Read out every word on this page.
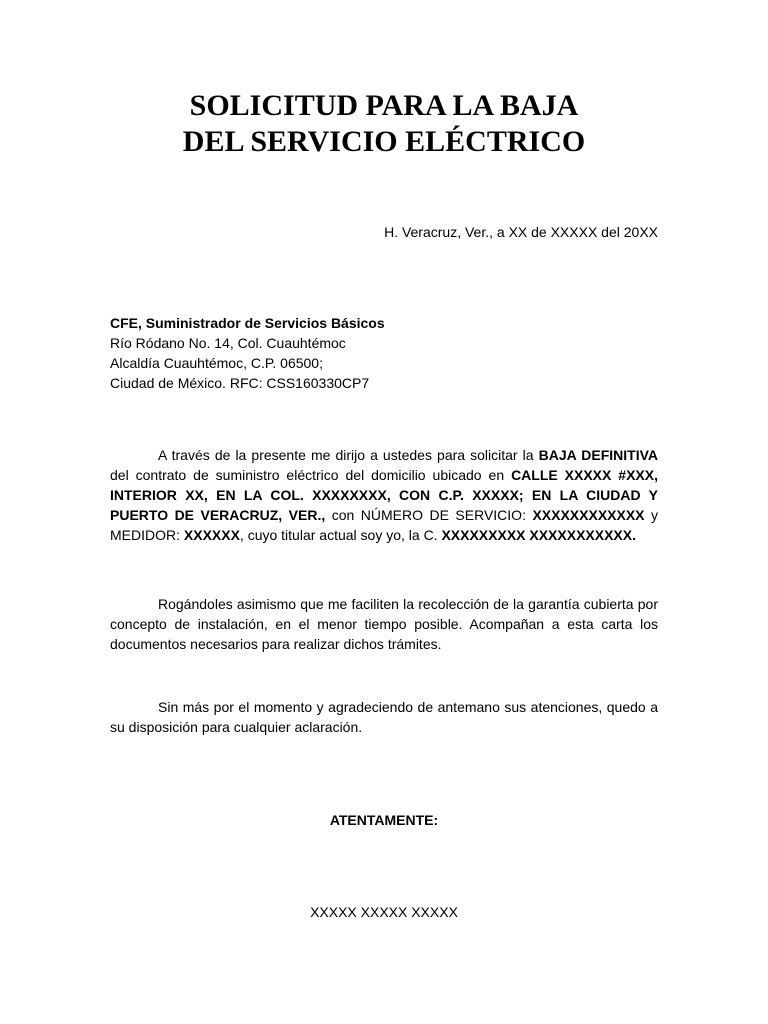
SOLICITUD PARA LA BAJA
DEL SERVICIO ELÉCTRICO
H. Veracruz, Ver., a XX de XXXXX del 20XX
CFE, Suministrador de Servicios Básicos
Río Ródano No. 14, Col. Cuauhtémoc
Alcaldía Cuauhtémoc, C.P. 06500;
Ciudad de México. RFC: CSS160330CP7
A través de la presente me dirijo a ustedes para solicitar la BAJA DEFINITIVA del contrato de suministro eléctrico del domicilio ubicado en CALLE XXXXX #XXX, INTERIOR XX, EN LA COL. XXXXXXXX, CON C.P. XXXXX; EN LA CIUDAD Y PUERTO DE VERACRUZ, VER., con NÚMERO DE SERVICIO: XXXXXXXXXXXX y MEDIDOR: XXXXXX, cuyo titular actual soy yo, la C. XXXXXXXXX XXXXXXXXXXX.
Rogándoles asimismo que me faciliten la recolección de la garantía cubierta por concepto de instalación, en el menor tiempo posible. Acompañan a esta carta los documentos necesarios para realizar dichos trámites.
Sin más por el momento y agradeciendo de antemano sus atenciones, quedo a su disposición para cualquier aclaración.
ATENTAMENTE:
XXXXX XXXXX XXXXX
